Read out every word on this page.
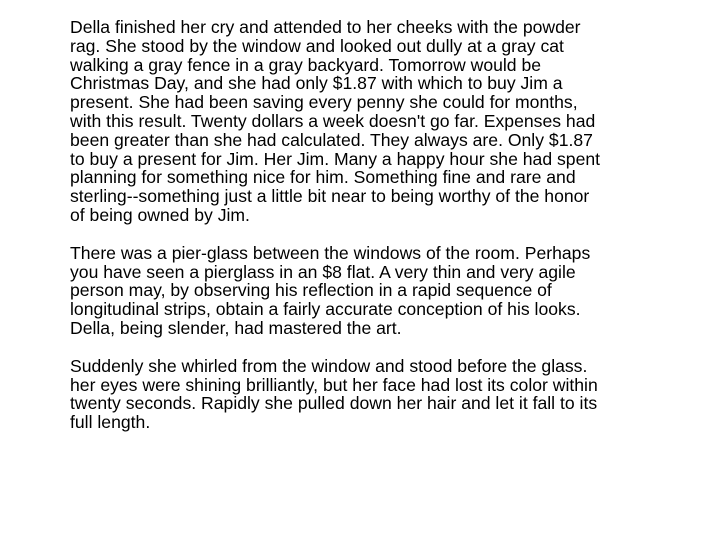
Della finished her cry and attended to her cheeks with the powder
rag. She stood by the window and looked out dully at a gray cat
walking a gray fence in a gray backyard. Tomorrow would be
Christmas Day, and she had only $1.87 with which to buy Jim a
present. She had been saving every penny she could for months,
with this result. Twenty dollars a week doesn't go far. Expenses had
been greater than she had calculated. They always are. Only $1.87
to buy a present for Jim. Her Jim. Many a happy hour she had spent
planning for something nice for him. Something fine and rare and
sterling--something just a little bit near to being worthy of the honor
of being owned by Jim.

There was a pier-glass between the windows of the room. Perhaps
you have seen a pierglass in an $8 flat. A very thin and very agile
person may, by observing his reflection in a rapid sequence of
longitudinal strips, obtain a fairly accurate conception of his looks.
Della, being slender, had mastered the art.

Suddenly she whirled from the window and stood before the glass.
her eyes were shining brilliantly, but her face had lost its color within
twenty seconds. Rapidly she pulled down her hair and let it fall to its
full length.
